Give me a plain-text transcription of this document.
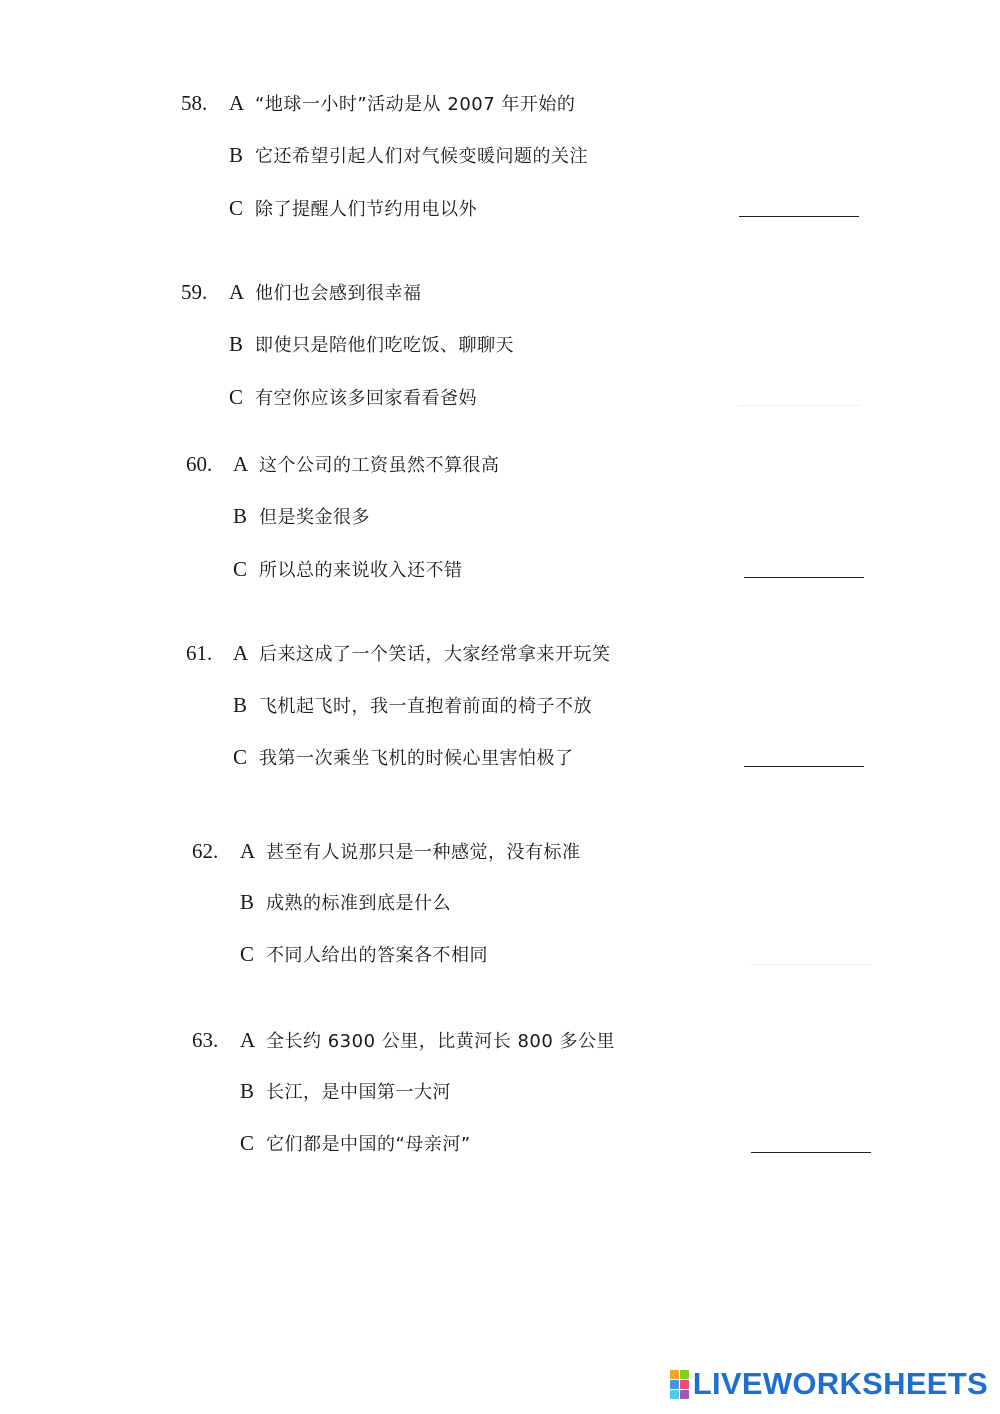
58. A “地球一小时”活动是从 2007 年开始的
B 它还希望引起人们对气候变暖问题的关注
C 除了提醒人们节约用电以外
59. A 他们也会感到很幸福
B 即使只是陪他们吃吃饭、聊聊天
C 有空你应该多回家看看爸妈
60. A 这个公司的工资虽然不算很高
B 但是奖金很多
C 所以总的来说收入还不错
61. A 后来这成了一个笑话，大家经常拿来开玩笑
B 飞机起飞时，我一直抱着前面的椅子不放
C 我第一次乘坐飞机的时候心里害怕极了
62. A 甚至有人说那只是一种感觉，没有标准
B 成熟的标准到底是什么
C 不同人给出的答案各不相同
63. A 全长约 6300 公里，比黄河长 800 多公里
B 长江，是中国第一大河
C 它们都是中国的“母亲河”
LIVEWORKSHEETS
